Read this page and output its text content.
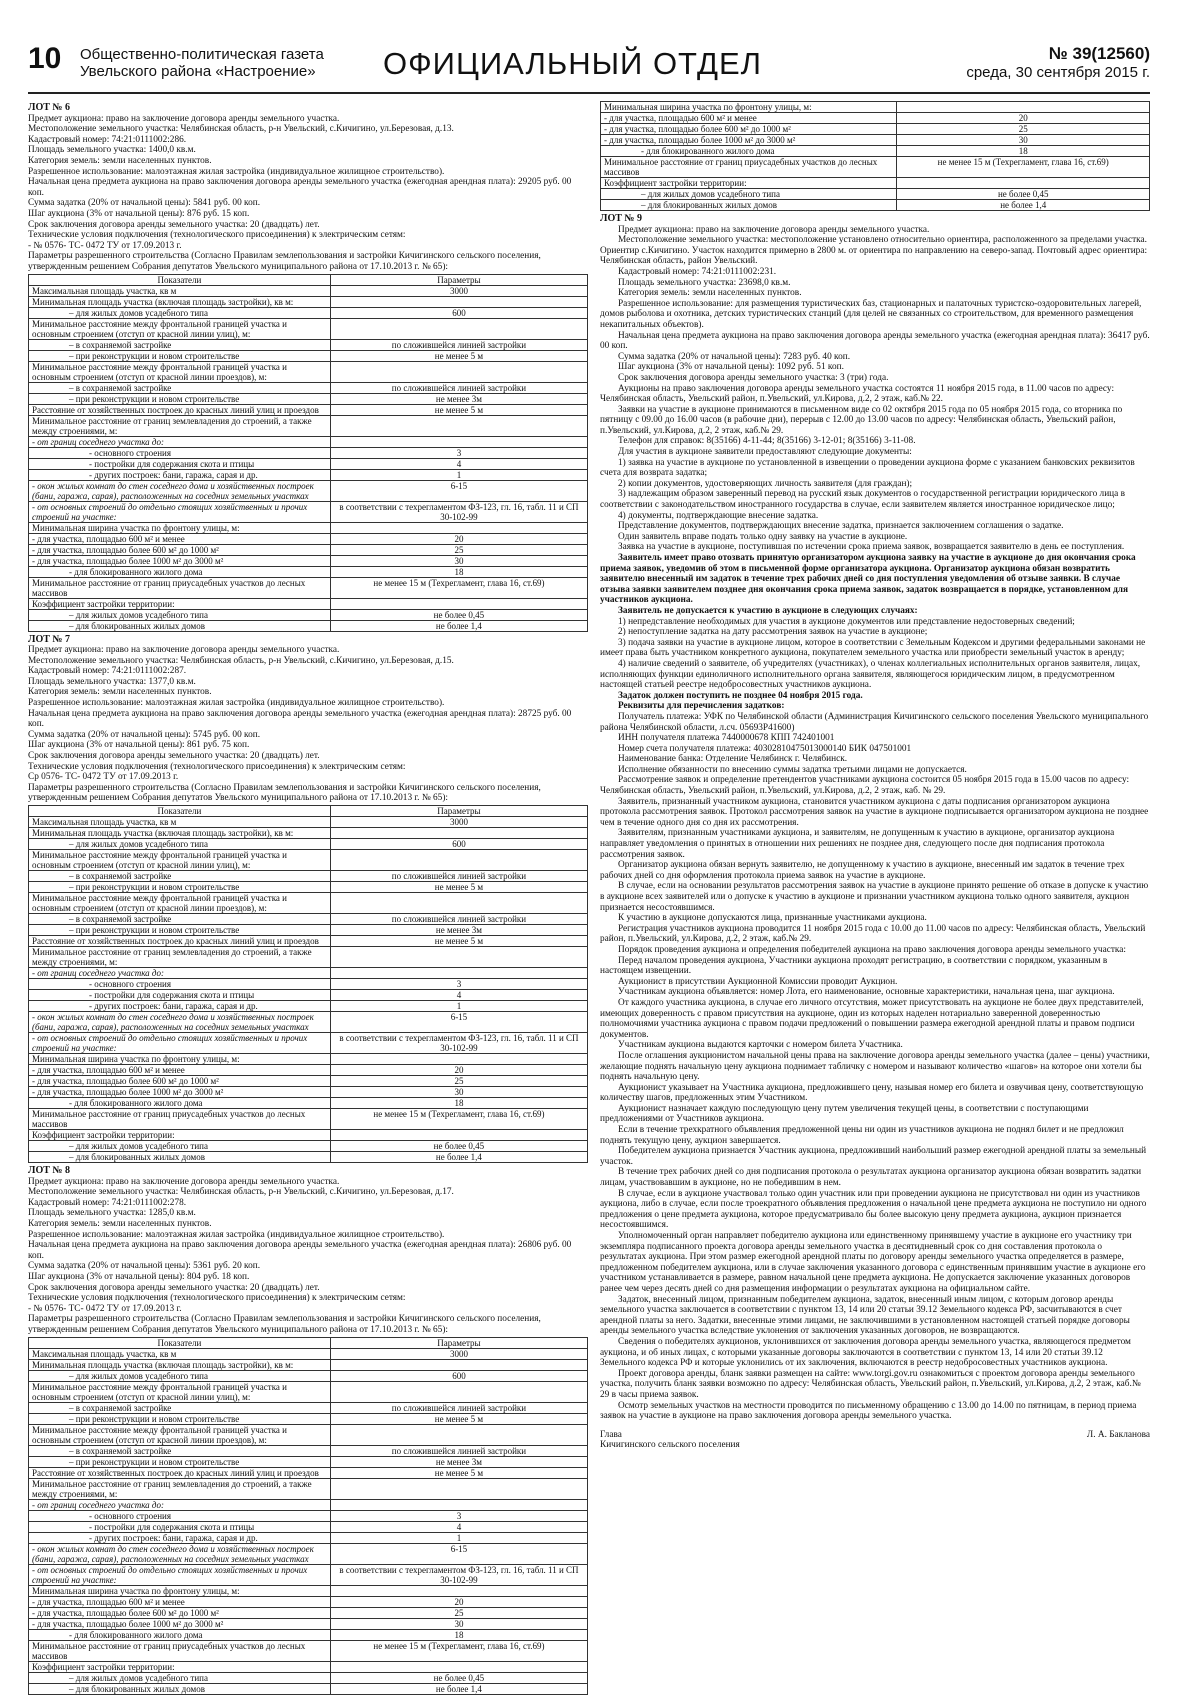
10 Общественно-политическая газета
Увельского района «Настроение» ОФИЦИАЛЬНЫЙ ОТДЕЛ	№ 39(12560)
среда, 30 сентября 2015 г.
ЛОТ № 6

Предмет аукциона: право на заключение договора аренды земельного участка.

Местоположение земельного участка: Челябинская область, р-н Увельский, с.Кичигино, ул.Березовая, д.13.

Кадастровый номер: 74:21:0111002:286.

Площадь земельного участка: 1400,0 кв.м.

Категория земель: земли населенных пунктов.

Разрешенное использование: малоэтажная жилая застройка (индивидуальное жилищное строительство).

Начальная цена предмета аукциона на право заключения договора аренды земельного участка (ежегодная арендная плата): 29205 руб. 00 коп.

Сумма задатка (20% от начальной цены): 5841 руб. 00 коп.

Шаг аукциона (3% от начальной цены): 876 руб. 15 коп.

Срок заключения договора аренды земельного участка: 20 (двадцать) лет.

Технические условия подключения (технологического присоединения) к электрическим сетям:

- № 0576- ТС- 0472 ТУ от 17.09.2013 г.

Параметры разрешенного строительства (Согласно Правилам землепользования и застройки Кичигинского сельского поселения, утвержденным решением Собрания депутатов Увельского муниципального района от 17.10.2013 г. № 65):

Показатели	Параметры
Максимальная площадь участка, кв м	3000
Минимальная площадь участка (включая площадь застройки), кв м:	
– для жилых домов усадебного типа	600
Минимальное расстояние между фронтальной границей участка и основным строением (отступ от красной линии улиц), м:	
– в сохраняемой застройке	по сложившейся линией застройки
– при реконструкции и новом строительстве	не менее 5 м
Минимальное расстояние между фронтальной границей участка и основным строением (отступ от красной линии проездов), м:	
– в сохраняемой застройке	по сложившейся линией застройки
– при реконструкции и новом строительстве	не менее 3м
Расстояние от хозяйственных построек до красных линий улиц и проездов	не менее 5 м
Минимальное расстояние от границ землевладения до строений, а также между строениями, м:	
- от границ соседнего участка до:	
- основного строения	3
- постройки для содержания скота и птицы	4
- других построек: бани, гаража, сарая и др.	1
- окон жилых комнат до стен соседнего дома и хозяйственных построек (бани, гаража, сарая), расположенных на соседних земельных участках	6-15
- от основных строений до отдельно стоящих хозяйственных и прочих строений на участке:	в соответствии с техрегламентом ФЗ-123, гл. 16, табл. 11 и СП 30-102-99
Минимальная ширина участка по фронтону улицы, м:	
- для участка, площадью 600 м² и менее	20
- для участка, площадью более 600 м² до 1000 м²	25
- для участка, площадью более 1000 м² до 3000 м²	30
- для блокированного жилого дома	18
Минимальное расстояние от границ приусадебных участков до лесных массивов	не менее 15 м (Техрегламент, глава 16, ст.69)
Коэффициент застройки территории:	
– для жилых домов усадебного типа	не более 0,45
– для блокированных жилых домов	не более 1,4
ЛОТ № 7

Предмет аукциона: право на заключение договора аренды земельного участка.

Местоположение земельного участка: Челябинская область, р-н Увельский, с.Кичигино, ул.Березовая, д.15.

Кадастровый номер: 74:21:0111002:287.

Площадь земельного участка: 1377,0 кв.м.

Категория земель: земли населенных пунктов.

Разрешенное использование: малоэтажная жилая застройка (индивидуальное жилищное строительство).

Начальная цена предмета аукциона на право заключения договора аренды земельного участка (ежегодная арендная плата): 28725 руб. 00 коп.

Сумма задатка (20% от начальной цены): 5745 руб. 00 коп.

Шаг аукциона (3% от начальной цены): 861 руб. 75 коп.

Срок заключения договора аренды земельного участка: 20 (двадцать) лет.

Технические условия подключения (технологического присоединения) к электрическим сетям:

Ср 0576- ТС- 0472 ТУ от 17.09.2013 г.

Параметры разрешенного строительства (Согласно Правилам землепользования и застройки Кичигинского сельского поселения, утвержденным решением Собрания депутатов Увельского муниципального района от 17.10.2013 г. № 65):

Показатели	Параметры
Максимальная площадь участка, кв м	3000
Минимальная площадь участка (включая площадь застройки), кв м:	
– для жилых домов усадебного типа	600
Минимальное расстояние между фронтальной границей участка и основным строением (отступ от красной линии улиц), м:	
– в сохраняемой застройке	по сложившейся линией застройки
– при реконструкции и новом строительстве	не менее 5 м
Минимальное расстояние между фронтальной границей участка и основным строением (отступ от красной линии проездов), м:	
– в сохраняемой застройке	по сложившейся линией застройки
– при реконструкции и новом строительстве	не менее 3м
Расстояние от хозяйственных построек до красных линий улиц и проездов	не менее 5 м
Минимальное расстояние от границ землевладения до строений, а также между строениями, м:	
- от границ соседнего участка до:	
- основного строения	3
- постройки для содержания скота и птицы	4
- других построек: бани, гаража, сарая и др.	1
- окон жилых комнат до стен соседнего дома и хозяйственных построек (бани, гаража, сарая), расположенных на соседних земельных участках	6-15
- от основных строений до отдельно стоящих хозяйственных и прочих строений на участке:	в соответствии с техрегламентом ФЗ-123, гл. 16, табл. 11 и СП 30-102-99
Минимальная ширина участка по фронтону улицы, м:	
- для участка, площадью 600 м² и менее	20
- для участка, площадью более 600 м² до 1000 м²	25
- для участка, площадью более 1000 м² до 3000 м²	30
- для блокированного жилого дома	18
Минимальное расстояние от границ приусадебных участков до лесных массивов	не менее 15 м (Техрегламент, глава 16, ст.69)
Коэффициент застройки территории:	
– для жилых домов усадебного типа	не более 0,45
– для блокированных жилых домов	не более 1,4
ЛОТ № 8

Предмет аукциона: право на заключение договора аренды земельного участка.

Местоположение земельного участка: Челябинская область, р-н Увельский, с.Кичигино, ул.Березовая, д.17.

Кадастровый номер: 74:21:0111002:278.

Площадь земельного участка: 1285,0 кв.м.

Категория земель: земли населенных пунктов.

Разрешенное использование: малоэтажная жилая застройка (индивидуальное жилищное строительство).

Начальная цена предмета аукциона на право заключения договора аренды земельного участка (ежегодная арендная плата): 26806 руб. 00 коп.

Сумма задатка (20% от начальной цены): 5361 руб. 20 коп.

Шаг аукциона (3% от начальной цены): 804 руб. 18 коп.

Срок заключения договора аренды земельного участка: 20 (двадцать) лет.

Технические условия подключения (технологического присоединения) к электрическим сетям:

- № 0576- ТС- 0472 ТУ от 17.09.2013 г.

Параметры разрешенного строительства (Согласно Правилам землепользования и застройки Кичигинского сельского поселения, утвержденным решением Собрания депутатов Увельского муниципального района от 17.10.2013 г. № 65):

Показатели	Параметры
Максимальная площадь участка, кв м	3000
Минимальная площадь участка (включая площадь застройки), кв м:	
– для жилых домов усадебного типа	600
Минимальное расстояние между фронтальной границей участка и основным строением (отступ от красной линии улиц), м:	
– в сохраняемой застройке	по сложившейся линией застройки
– при реконструкции и новом строительстве	не менее 5 м
Минимальное расстояние между фронтальной границей участка и основным строением (отступ от красной линии проездов), м:	
– в сохраняемой застройке	по сложившейся линией застройки
– при реконструкции и новом строительстве	не менее 3м
Расстояние от хозяйственных построек до красных линий улиц и проездов	не менее 5 м
Минимальное расстояние от границ землевладения до строений, а также между строениями, м:	
- от границ соседнего участка до:	
- основного строения	3
- постройки для содержания скота и птицы	4
- других построек: бани, гаража, сарая и др.	1
- окон жилых комнат до стен соседнего дома и хозяйственных построек (бани, гаража, сарая), расположенных на соседних земельных участках	6-15
- от основных строений до отдельно стоящих хозяйственных и прочих строений на участке:	в соответствии с техрегламентом ФЗ-123, гл. 16, табл. 11 и СП 30-102-99
Минимальная ширина участка по фронтону улицы, м:	
- для участка, площадью 600 м² и менее	20
- для участка, площадью более 600 м² до 1000 м²	25
- для участка, площадью более 1000 м² до 3000 м²	30
- для блокированного жилого дома	18
Минимальное расстояние от границ приусадебных участков до лесных массивов	не менее 15 м (Техрегламент, глава 16, ст.69)
Коэффициент застройки территории:	
– для жилых домов усадебного типа	не более 0,45
– для блокированных жилых домов	не более 1,4
Минимальная ширина участка по фронтону улицы, м:	
- для участка, площадью 600 м² и менее	20
- для участка, площадью более 600 м² до 1000 м²	25
- для участка, площадью более 1000 м² до 3000 м²	30
- для блокированного жилого дома	18
Минимальное расстояние от границ приусадебных участков до лесных массивов	не менее 15 м (Техрегламент, глава 16, ст.69)
Коэффициент застройки территории:	
– для жилых домов усадебного типа	не более 0,45
– для блокированных жилых домов	не более 1,4
ЛОТ № 9

Предмет аукциона: право на заключение договора аренды земельного участка.

Местоположение земельного участка: местоположение установлено относительно ориентира, расположенного за пределами участка. Ориентир с.Кичигино. Участок находится примерно в 2800 м. от ориентира по направлению на северо-запад. Почтовый адрес ориентира: Челябинская область, район Увельский.

Кадастровый номер: 74:21:0111002:231.

Площадь земельного участка: 23698,0 кв.м.

Категория земель: земли населенных пунктов.

Разрешенное использование: для размещения туристических баз, стационарных и палаточных туристско-оздоровительных лагерей, домов рыболова и охотника, детских туристических станций (для целей не связанных со строительством, для временного размещения некапитальных объектов).

Начальная цена предмета аукциона на право заключения договора аренды земельного участка (ежегодная арендная плата): 36417 руб. 00 коп.

Сумма задатка (20% от начальной цены): 7283 руб. 40 коп.

Шаг аукциона (3% от начальной цены): 1092 руб. 51 коп.

Срок заключения договора аренды земельного участка: 3 (три) года.

Аукционы на право заключения договора аренды земельного участка состоятся 11 ноября 2015 года, в 11.00 часов по адресу: Челябинская область, Увельский район, п.Увельский, ул.Кирова, д.2, 2 этаж, каб.№ 22.

Заявки на участие в аукционе принимаются в письменном виде со 02 октября 2015 года по 05 ноября 2015 года, со вторника по пятницу с 09.00 до 16.00 часов (в рабочие дни), перерыв с 12.00 до 13.00 часов по адресу: Челябинская область, Увельский район, п.Увельский, ул.Кирова, д.2, 2 этаж, каб.№ 29.

Телефон для справок: 8(35166) 4-11-44; 8(35166) 3-12-01; 8(35166) 3-11-08.

Для участия в аукционе заявители предоставляют следующие документы:

1) заявка на участие в аукционе по установленной в извещении о проведении аукциона форме с указанием банковских реквизитов счета для возврата задатка;

2) копии документов, удостоверяющих личность заявителя (для граждан);

3) надлежащим образом заверенный перевод на русский язык документов о государственной регистрации юридического лица в соответствии с законодательством иностранного государства в случае, если заявителем является иностранное юридическое лицо;

4) документы, подтверждающие внесение задатка.

Представление документов, подтверждающих внесение задатка, признается заключением соглашения о задатке.

Один заявитель вправе подать только одну заявку на участие в аукционе.

Заявка на участие в аукционе, поступившая по истечении срока приема заявок, возвращается заявителю в день ее поступления.

Заявитель имеет право отозвать принятую организатором аукциона заявку на участие в аукционе до дня окончания срока приема заявок, уведомив об этом в письменной форме организатора аукциона. Организатор аукциона обязан возвратить заявителю внесенный им задаток в течение трех рабочих дней со дня поступления уведомления об отзыве заявки. В случае отзыва заявки заявителем позднее дня окончания срока приема заявок, задаток возвращается в порядке, установленном для участников аукциона.

Заявитель не допускается к участию в аукционе в следующих случаях:

1) непредставление необходимых для участия в аукционе документов или представление недостоверных сведений;

2) непоступление задатка на дату рассмотрения заявок на участие в аукционе;

3) подача заявки на участие в аукционе лицом, которое в соответствии с Земельным Кодексом и другими федеральными законами не имеет права быть участником конкретного аукциона, покупателем земельного участка или приобрести земельный участок в аренду;

4) наличие сведений о заявителе, об учредителях (участниках), о членах коллегиальных исполнительных органов заявителя, лицах, исполняющих функции единоличного исполнительного органа заявителя, являющегося юридическим лицом, в предусмотренном настоящей статьей реестре недобросовестных участников аукциона.

Задаток должен поступить не позднее 04 ноября 2015 года.

Реквизиты для перечисления задатков:

Получатель платежа: УФК по Челябинской области (Администрация Кичигинского сельского поселения Увельского муниципального района Челябинской области, л.сч. 05693Р41600)

ИНН получателя платежа 7440000678 КПП 742401001

Номер счета получателя платежа: 40302810475013000140 БИК 047501001

Наименование банка: Отделение Челябинск г. Челябинск.

Исполнение обязанности по внесению суммы задатка третьими лицами не допускается.

Рассмотрение заявок и определение претендентов участниками аукциона состоится 05 ноября 2015 года в 15.00 часов по адресу: Челябинская область, Увельский район, п.Увельский, ул.Кирова, д.2, 2 этаж, каб. № 29.

Заявитель, признанный участником аукциона, становится участником аукциона с даты подписания организатором аукциона протокола рассмотрения заявок. Протокол рассмотрения заявок на участие в аукционе подписывается организатором аукциона не позднее чем в течение одного дня со дня их рассмотрения.

Заявителям, признанным участниками аукциона, и заявителям, не допущенным к участию в аукционе, организатор аукциона направляет уведомления о принятых в отношении них решениях не позднее дня, следующего после дня подписания протокола рассмотрения заявок.

Организатор аукциона обязан вернуть заявителю, не допущенному к участию в аукционе, внесенный им задаток в течение трех рабочих дней со дня оформления протокола приема заявок на участие в аукционе.

В случае, если на основании результатов рассмотрения заявок на участие в аукционе принято решение об отказе в допуске к участию в аукционе всех заявителей или о допуске к участию в аукционе и признании участником аукциона только одного заявителя, аукцион признается несостоявшимся.

К участию в аукционе допускаются лица, признанные участниками аукциона.

Регистрация участников аукциона проводится 11 ноября 2015 года с 10.00 до 11.00 часов по адресу: Челябинская область, Увельский район, п.Увельский, ул.Кирова, д.2, 2 этаж, каб.№ 29.

Порядок проведения аукциона и определения победителей аукциона на право заключения договора аренды земельного участка:

Перед началом проведения аукциона, Участники аукциона проходят регистрацию, в соответствии с порядком, указанным в настоящем извещении.

Аукционист в присутствии Аукционной Комиссии проводит Аукцион.

Участникам аукциона объявляется: номер Лота, его наименование, основные характеристики, начальная цена, шаг аукциона.

От каждого участника аукциона, в случае его личного отсутствия, может присутствовать на аукционе не более двух представителей, имеющих доверенность с правом присутствия на аукционе, один из которых наделен нотариально заверенной доверенностью полномочиями участника аукциона с правом подачи предложений о повышении размера ежегодной арендной платы и правом подписи документов.

Участникам аукциона выдаются карточки с номером билета Участника.

После оглашения аукционистом начальной цены права на заключение договора аренды земельного участка (далее – цены) участники, желающие поднять начальную цену аукциона поднимает табличку с номером и называют количество «шагов» на которое они хотели бы поднять начальную цену.

Аукционист указывает на Участника аукциона, предложившего цену, называя номер его билета и озвучивая цену, соответствующую количеству шагов, предложенных этим Участником.

Аукционист назначает каждую последующую цену путем увеличения текущей цены, в соответствии с поступающими предложениями от Участников аукциона.

Если в течение трехкратного объявления предложенной цены ни один из участников аукциона не поднял билет и не предложил поднять текущую цену, аукцион завершается.

Победителем аукциона признается Участник аукциона, предложивший наибольший размер ежегодной арендной платы за земельный участок.

В течение трех рабочих дней со дня подписания протокола о результатах аукциона организатор аукциона обязан возвратить задатки лицам, участвовавшим в аукционе, но не победившим в нем.

В случае, если в аукционе участвовал только один участник или при проведении аукциона не присутствовал ни один из участников аукциона, либо в случае, если после троекратного объявления предложения о начальной цене предмета аукциона не поступило ни одного предложения о цене предмета аукциона, которое предусматривало бы более высокую цену предмета аукциона, аукцион признается несостоявшимся.

Уполномоченный орган направляет победителю аукциона или единственному принявшему участие в аукционе его участнику три экземпляра подписанного проекта договора аренды земельного участка в десятидневный срок со дня составления протокола о результатах аукциона. При этом размер ежегодной арендной платы по договору аренды земельного участка определяется в размере, предложенном победителем аукциона, или в случае заключения указанного договора с единственным принявшим участие в аукционе его участником устанавливается в размере, равном начальной цене предмета аукциона. Не допускается заключение указанных договоров ранее чем через десять дней со дня размещения информации о результатах аукциона на официальном сайте.

Задаток, внесенный лицом, признанным победителем аукциона, задаток, внесенный иным лицом, с которым договор аренды земельного участка заключается в соответствии с пунктом 13, 14 или 20 статьи 39.12 Земельного кодекса РФ, засчитываются в счет арендной платы за него. Задатки, внесенные этими лицами, не заключившими в установленном настоящей статьей порядке договоры аренды земельного участка вследствие уклонения от заключения указанных договоров, не возвращаются.

Сведения о победителях аукционов, уклонившихся от заключения договора аренды земельного участка, являющегося предметом аукциона, и об иных лицах, с которыми указанные договоры заключаются в соответствии с пунктом 13, 14 или 20 статьи 39.12 Земельного кодекса РФ и которые уклонились от их заключения, включаются в реестр недобросовестных участников аукциона.

Проект договора аренды, бланк заявки размещен на сайте: www.torgi.gov.ru ознакомиться с проектом договора аренды земельного участка, получить бланк заявки возможно по адресу: Челябинская область, Увельский район, п.Увельский, ул.Кирова, д.2, 2 этаж, каб.№ 29 в часы приема заявок.

Осмотр земельных участков на местности проводится по письменному обращению с 13.00 до 14.00 по пятницам, в период приема заявок на участие в аукционе на право заключения договора аренды земельного участка.

Глава
Кичигинского сельского поселения
Л. А. Бакланова
